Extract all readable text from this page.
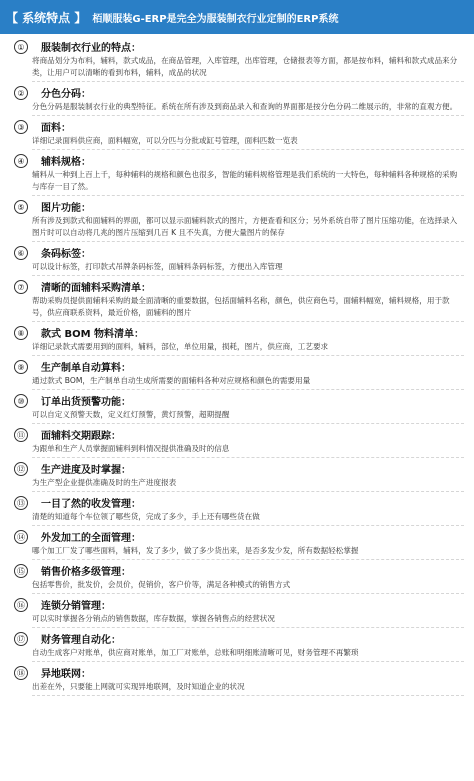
【 系统特点 】 栢顺服装G-ERP是完全为服装制衣行业定制的ERP系统
①	服装制衣行业的特点：
将商品划分为布料，辅料，款式成品，在商品管理，入库管理，出库管理，仓储报表等方面，都是按布料，辅料和款式成品来分类，让用户可以清晰的看到布料，辅料，成品的状况
②	分色分码：
分色分码是服装制衣行业的典型特征。系统在所有涉及到商品录入和查询的界面都是按分色分码二维展示的，非常的直观方便。
③	面料：
详细记录面料供应商，面料幅宽，可以分匹与分批或缸号管理，面料匹数一览表
④	辅料规格：
辅料从一种到上百上千，每种辅料的规格和颜色也很多，智能的辅料规格管理是我们系统的一大特色，每种辅料各种规格的采购与库存一目了然。
⑤	图片功能：
所有涉及到款式和面辅料的界面，都可以显示面辅料款式的图片，方便查看和区分；另外系统自带了图片压缩功能，在选择录入图片时可以自动将几兆的图片压缩到几百 K 且不失真，方便大量图片的保存
⑥	条码标签：
可以设计标签，打印款式吊牌条码标签，面辅料条码标签，方便出入库管理
⑦	清晰的面辅料采购清单：
帮助采购员提供面辅料采购的最全面清晰的重要数据，包括面辅料名称，颜色，供应商色号，面辅料幅宽，辅料规格，用于款号，供应商联系资料，最近价格，面辅料的图片
⑧	款式 BOM 物料清单：
详细记录款式需要用到的面料，辅料，部位，单位用量，损耗，图片，供应商，工艺要求
⑨	生产制单自动算料：
通过款式 BOM，生产制单自动生成所需要的面辅料各种对应规格和颜色的需要用量
⑩	订单出货预警功能：
可以自定义预警天数，定义红灯预警，黄灯预警，超期提醒
⑪	面辅料交期跟踪：
为跟单和生产人员掌握面辅料到料情况提供准确及时的信息
⑫	生产进度及时掌握：
为生产型企业提供准确及时的生产进度报表
⑬	一目了然的收发管理：
清楚的知道每个车位领了哪些货，完成了多少，手上还有哪些货在做
⑭	外发加工的全面管理：
哪个加工厂发了哪些面料，辅料，发了多少，做了多少货出来，是否多发少发，所有数据轻松掌握
⑮	销售价格多级管理：
包括零售价，批发价，会员价，促销价，客户价等，满足各种模式的销售方式
⑯	连锁分销管理：
可以实时掌握各分销点的销售数据，库存数据，掌握各销售点的经营状况
⑰	财务管理自动化：
自动生成客户对账单，供应商对账单，加工厂对账单，总账和明细账清晰可见，财务管理不再繁琐
⑱	异地联网：
出差在外，只要能上网就可实现异地联网，及时知道企业的状况
